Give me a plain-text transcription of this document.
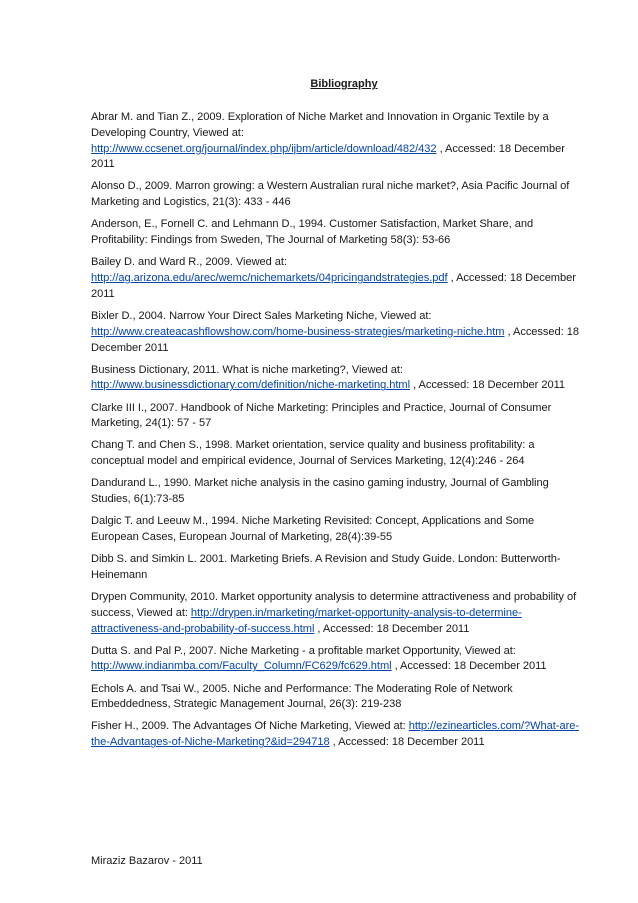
Bibliography

Abrar M. and Tian Z., 2009. Exploration of Niche Market and Innovation in Organic Textile by a Developing Country, Viewed at: http://www.ccsenet.org/journal/index.php/ijbm/article/download/482/432 , Accessed: 18 December 2011

Alonso D., 2009. Marron growing: a Western Australian rural niche market?, Asia Pacific Journal of Marketing and Logistics, 21(3): 433 - 446

Anderson, E., Fornell C. and Lehmann D., 1994. Customer Satisfaction, Market Share, and Profitability: Findings from Sweden, The Journal of Marketing 58(3): 53-66

Bailey D. and Ward R., 2009. Viewed at: http://ag.arizona.edu/arec/wemc/nichemarkets/04pricingandstrategies.pdf , Accessed: 18 December 2011

Bixler D., 2004. Narrow Your Direct Sales Marketing Niche, Viewed at: http://www.createacashflowshow.com/home-business-strategies/marketing-niche.htm , Accessed: 18 December 2011

Business Dictionary, 2011. What is niche marketing?, Viewed at: http://www.businessdictionary.com/definition/niche-marketing.html , Accessed: 18 December 2011

Clarke III I., 2007. Handbook of Niche Marketing: Principles and Practice, Journal of Consumer Marketing, 24(1): 57 - 57

Chang T. and Chen S., 1998. Market orientation, service quality and business profitability: a conceptual model and empirical evidence, Journal of Services Marketing, 12(4):246 - 264

Dandurand L., 1990. Market niche analysis in the casino gaming industry, Journal of Gambling Studies, 6(1):73-85

Dalgic T. and Leeuw M., 1994. Niche Marketing Revisited: Concept, Applications and Some European Cases, European Journal of Marketing, 28(4):39-55

Dibb S. and Simkin L. 2001. Marketing Briefs. A Revision and Study Guide. London: Butterworth-Heinemann

Drypen Community, 2010. Market opportunity analysis to determine attractiveness and probability of success, Viewed at: http://drypen.in/marketing/market-opportunity-analysis-to-determine-attractiveness-and-probability-of-success.html , Accessed: 18 December 2011

Dutta S. and Pal P., 2007. Niche Marketing - a profitable market Opportunity, Viewed at: http://www.indianmba.com/Faculty_Column/FC629/fc629.html , Accessed: 18 December 2011

Echols A. and Tsai W., 2005. Niche and Performance: The Moderating Role of Network Embeddedness, Strategic Management Journal, 26(3): 219-238

Fisher H., 2009. The Advantages Of Niche Marketing, Viewed at: http://ezinearticles.com/?What-are-the-Advantages-of-Niche-Marketing?&id=294718 , Accessed: 18 December 2011

Miraziz Bazarov - 2011
